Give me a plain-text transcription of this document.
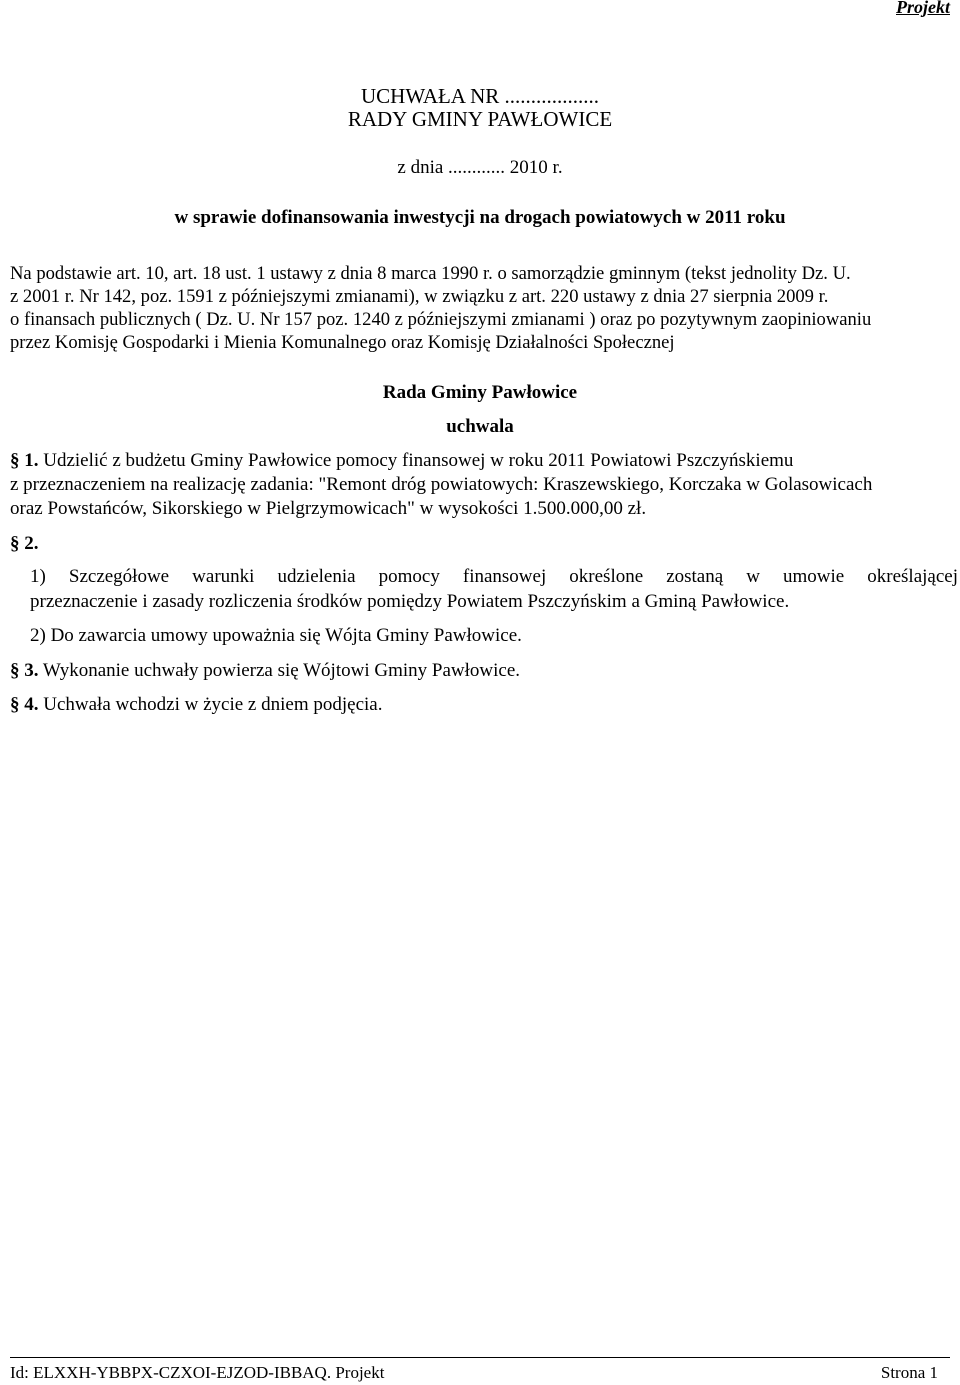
Projekt
UCHWAŁA NR ..................
RADY GMINY PAWŁOWICE
z dnia ............ 2010 r.
w sprawie dofinansowania inwestycji na drogach powiatowych w 2011 roku
Na podstawie art. 10, art. 18 ust. 1 ustawy z dnia 8 marca 1990 r. o samorządzie gminnym (tekst jednolity Dz. U.
z 2001 r. Nr 142, poz. 1591 z późniejszymi zmianami), w związku z art. 220 ustawy z dnia 27 sierpnia 2009 r.
o finansach publicznych ( Dz. U. Nr 157 poz. 1240 z późniejszymi zmianami ) oraz po pozytywnym zaopiniowaniu
przez Komisję Gospodarki i Mienia Komunalnego oraz Komisję Działalności Społecznej
Rada Gminy Pawłowice
uchwala
§ 1. Udzielić z budżetu Gminy Pawłowice pomocy finansowej w roku 2011 Powiatowi Pszczyńskiemu
z przeznaczeniem na realizację zadania: "Remont dróg powiatowych: Kraszewskiego, Korczaka w Golasowicach
oraz Powstańców, Sikorskiego w Pielgrzymowicach" w wysokości 1.500.000,00 zł.
§ 2.
1) Szczegółowe warunki udzielenia pomocy finansowej określone zostaną w umowie określającej
przeznaczenie i zasady rozliczenia środków pomiędzy Powiatem Pszczyńskim a Gminą Pawłowice.
2) Do zawarcia umowy upoważnia się Wójta Gminy Pawłowice.
§ 3. Wykonanie uchwały powierza się Wójtowi Gminy Pawłowice.
§ 4. Uchwała wchodzi w życie z dniem podjęcia.
Id: ELXXH-YBBPX-CZXOI-EJZOD-IBBAQ. Projekt	Strona 1
